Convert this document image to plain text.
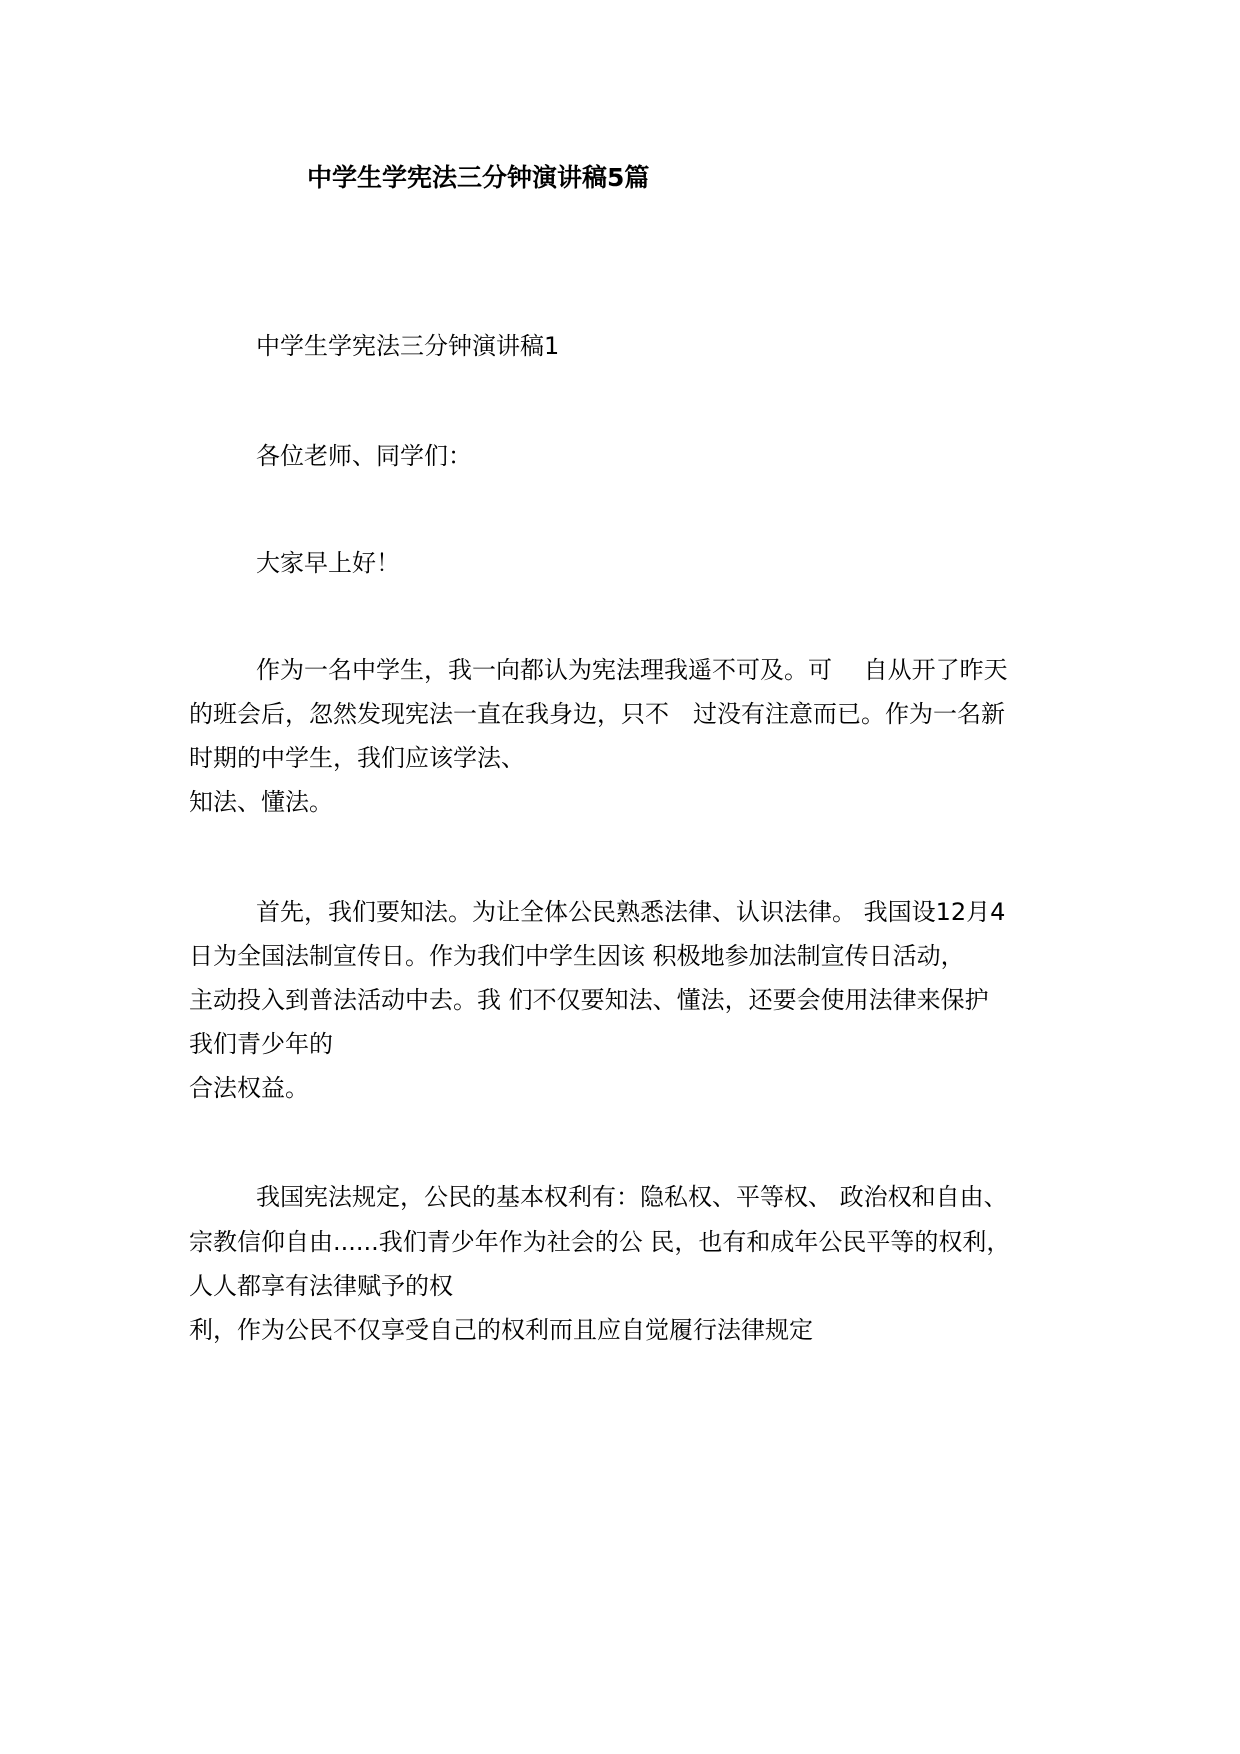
中学生学宪法三分钟演讲稿5篇
中学生学宪法三分钟演讲稿1
各位老师、同学们：
大家早上好！
作为一名中学生，我一向都认为宪法理我遥不可及。可　 自从开了昨天
的班会后，忽然发现宪法一直在我身边，只不　过没有注意而已。作为一名新
时期的中学生，我们应该学法、
知法、懂法。
首先，我们要知法。为让全体公民熟悉法律、认识法律。 我国设12月4
日为全国法制宣传日。作为我们中学生因该 积极地参加法制宣传日活动，
主动投入到普法活动中去。我 们不仅要知法、懂法，还要会使用法律来保护
我们青少年的
合法权益。
我国宪法规定，公民的基本权利有：隐私权、平等权、 政治权和自由、
宗教信仰自由......我们青少年作为社会的公 民，也有和成年公民平等的权利，
人人都享有法律赋予的权
利，作为公民不仅享受自己的权利而且应自觉履行法律规定
